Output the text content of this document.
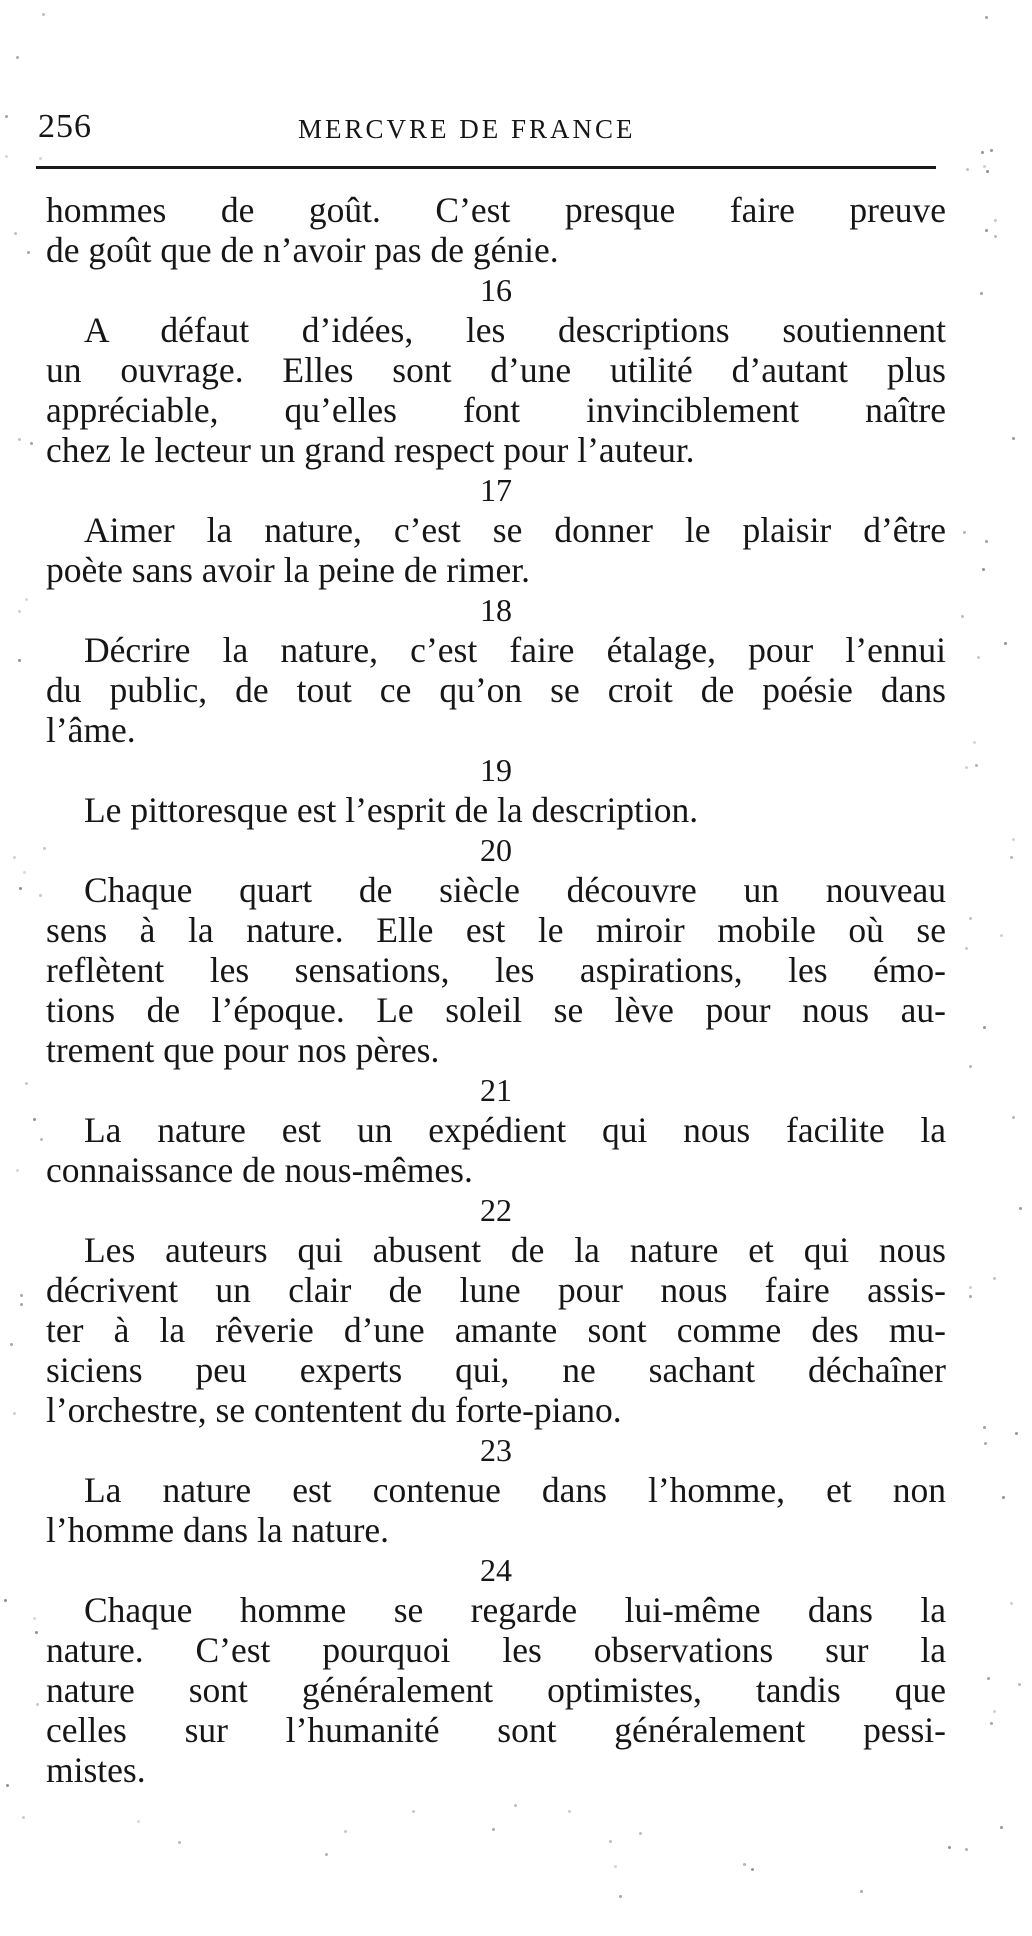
256	MERCVRE DE FRANCE
hommes de goût. C’est presque faire preuve
de goût que de n’avoir pas de génie.
16
A défaut d’idées, les descriptions soutiennent
un ouvrage. Elles sont d’une utilité d’autant plus
appréciable, qu’elles font invinciblement naître
chez le lecteur un grand respect pour l’auteur.
17
Aimer la nature, c’est se donner le plaisir d’être
poète sans avoir la peine de rimer.
18
Décrire la nature, c’est faire étalage, pour l’ennui
du public, de tout ce qu’on se croit de poésie dans
l’âme.
19
Le pittoresque est l’esprit de la description.
20
Chaque quart de siècle découvre un nouveau
sens à la nature. Elle est le miroir mobile où se
reflètent les sensations, les aspirations, les émo-
tions de l’époque. Le soleil se lève pour nous au-
trement que pour nos pères.
21
La nature est un expédient qui nous facilite la
connaissance de nous-mêmes.
22
Les auteurs qui abusent de la nature et qui nous
décrivent un clair de lune pour nous faire assis-
ter à la rêverie d’une amante sont comme des mu-
siciens peu experts qui, ne sachant déchaîner
l’orchestre, se contentent du forte-piano.
23
La nature est contenue dans l’homme, et non
l’homme dans la nature.
24
Chaque homme se regarde lui-même dans la
nature. C’est pourquoi les observations sur la
nature sont généralement optimistes, tandis que
celles sur l’humanité sont généralement pessi-
mistes.
